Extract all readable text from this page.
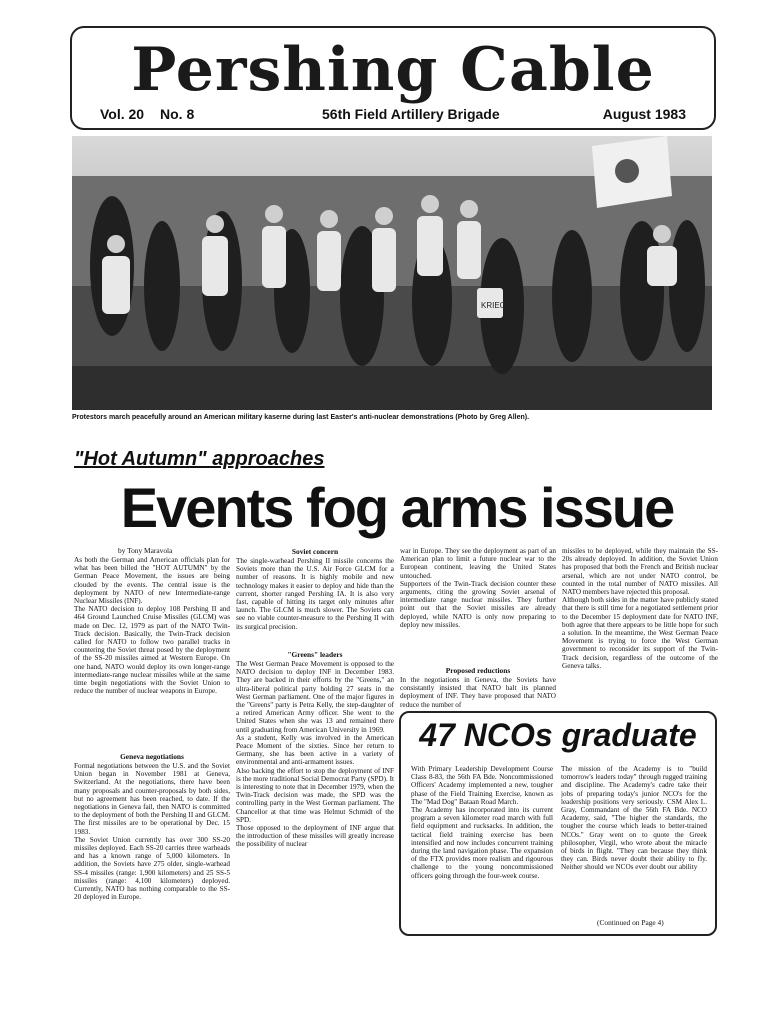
Pershing Cable
Vol. 20 No. 8	56th Field Artillery Brigade	August 1983
KRIEG!
Protestors march peacefully around an American military kaserne during last Easter's anti-nuclear demonstrations (Photo by Greg Allen).
"Hot Autumn" approaches
Events fog arms issue
by Tony Maravola
As both the German and American officials plan for what has been billed the "HOT AUTUMN" by the German Peace Movement, the issues are being clouded by the events. The central issue is the deployment by NATO of new Intermediate-range Nuclear Missiles (INF).
The NATO decision to deploy 108 Pershing II and 464 Ground Launched Cruise Missiles (GLCM) was made on Dec. 12, 1979 as part of the NATO Twin-Track decision. Basically, the Twin-Track decision called for NATO to follow two parallel tracks in countering the Soviet threat posed by the deployment of the SS-20 missiles aimed at Western Europe. On one hand, NATO would deploy its own longer-range intermediate-range nuclear missiles while at the same time begin negotiations with the Soviet Union to reduce the number of nuclear weapons in Europe.
Geneva negotiations
Formal negotiations between the U.S. and the Soviet Union began in November 1981 at Geneva, Switzerland. At the negotiations, there have been many proposals and counter-proposals by both sides, but no agreement has been reached, to date. If the negotiations in Geneva fail, then NATO is committed to the deployment of both the Pershing II and GLCM. The first missiles are to be operational by Dec. 15 1983.
The Soviet Union currently has over 300 SS-20 missiles deployed. Each SS-20 carries three warheads and has a known range of 5,000 kilometers. In addition, the Soviets have 275 older, single-warhead SS-4 missiles (range: 1,900 kilometers) and 25 SS-5 missiles (range: 4,100 kilometers) deployed. Currently, NATO has nothing comparable to the SS-20 deployed in Europe.
Soviet concern
The single-warhead Pershing II missile concerns the Soviets more than the U.S. Air Force GLCM for a number of reasons. It is highly mobile and new technology makes it easier to deploy and hide than the current, shorter ranged Pershing IA. It is also very fast, capable of hitting its target only minutes after launch. The GLCM is much slower. The Soviets can see no viable counter-measure to the Pershing II with its surgical precision.
"Greens" leaders
The West German Peace Movement is opposed to the NATO decision to deploy INF in December 1983. They are backed in their efforts by the "Greens," an ultra-liberal political party holding 27 seats in the West German parliament. One of the major figures in the "Greens" party is Petra Kelly, the step-daughter of a retired American Army officer. She went to the United States when she was 13 and remained there until graduating from American University in 1969.
As a student, Kelly was involved in the American Peace Moment of the sixties. Since her return to Germany, she has been active in a variety of environmental and anti-armament issues.
Also backing the effort to stop the deployment of INF is the more traditional Social Democrat Party (SPD). It is interesting to note that in December 1979, when the Twin-Track decision was made, the SPD was the controlling party in the West German parliament. The Chancellor at that time was Helmut Schmidt of the SPD.
Those opposed to the deployment of INF argue that the introduction of these missiles will greatly increase the possibility of nuclear
war in Europe. They see the deployment as part of an American plan to limit a future nuclear war to the European continent, leaving the United States untouched.
Supporters of the Twin-Track decision counter these arguments, citing the growing Soviet arsenal of intermediate range nuclear missiles. They further point out that the Soviet missiles are already deployed, while NATO is only now preparing to deploy new missiles.
Proposed reductions
In the negotiations in Geneva, the Soviets have consistantly insisted that NATO halt its planned deployment of INF. They have proposed that NATO reduce the number of
missiles to be deployed, while they maintain the SS-20s already deployed. In addition, the Soviet Union has proposed that both the French and British nuclear arsenal, which are not under NATO control, be counted in the total number of NATO missiles. All NATO members have rejected this proposal.
Although both sides in the matter have publicly stated that there is still time for a negotiated settlement prior to the December 15 deployment date for NATO INF, both agree that there appears to be little hope for such a solution. In the meantime, the West German Peace Movement is trying to force the West German government to reconsider its support of the Twin-Track decision, regardless of the outcome of the Geneva talks.
47 NCOs graduate
With Primary Leadership Development Course Class 8-83, the 56th FA Bde. Noncommissioned Officers' Academy implemented a new, tougher phase of the Field Training Exercise, known as The "Mad Dog" Bataan Road March.
The Academy has incorporated into its current program a seven kilometer road march with full field equipment and rucksacks. In addition, the tactical field training exercise has been intensified and now includes concurrent training during the land navigation phase. The expansion of the FTX provides more realism and rigourous challenge to the young noncommissioned officers going through the four-week course.
The mission of the Academy is to "build tomorrow's leaders today" through rugged training and discipline. The Academy's cadre take their jobs of preparing today's junior NCO's for the leadership positions very seriously. CSM Alex L. Gray, Commandant of the 56th FA Bde. NCO Academy, said, "The higher the standards, the tougher the course which leads to better-trained NCOs." Gray went on to quote the Greek philosopher, Virgil, who wrote about the miracle of birds in flight. "They can because they think they can. Birds never doubt their ability to fly. Neither should we NCOs ever doubt our ability
(Continued on Page 4)
